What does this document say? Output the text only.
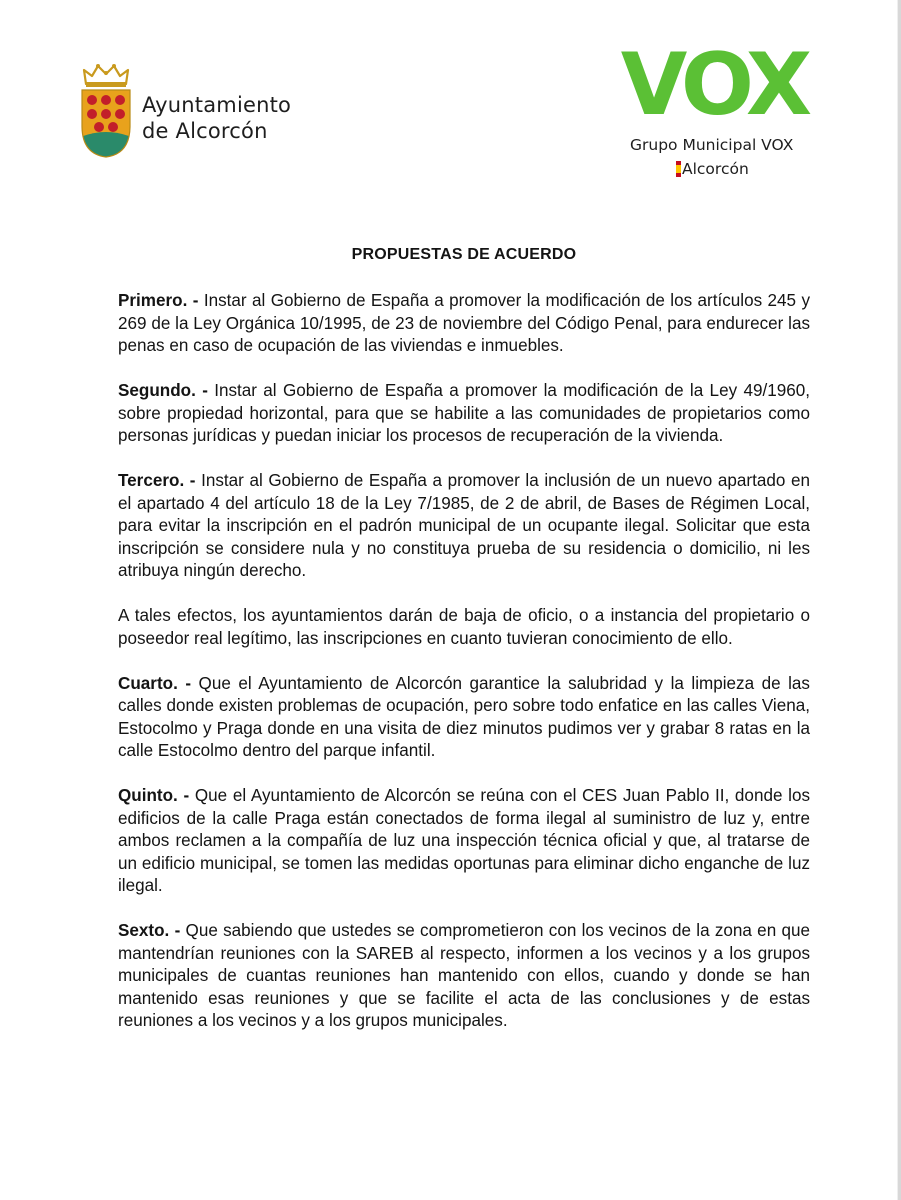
Ayuntamiento
de Alcorcón	VOX
Grupo Municipal VOX
Alcorcón
PROPUESTAS DE ACUERDO

Primero. - Instar al Gobierno de España a promover la modificación de los artículos 245 y 269 de la Ley Orgánica 10/1995, de 23 de noviembre del Código Penal, para endurecer las penas en caso de ocupación de las viviendas e inmuebles.

Segundo. - Instar al Gobierno de España a promover la modificación de la Ley 49/1960, sobre propiedad horizontal, para que se habilite a las comunidades de propietarios como personas jurídicas y puedan iniciar los procesos de recuperación de la vivienda.

Tercero. - Instar al Gobierno de España a promover la inclusión de un nuevo apartado en el apartado 4 del artículo 18 de la Ley 7/1985, de 2 de abril, de Bases de Régimen Local, para evitar la inscripción en el padrón municipal de un ocupante ilegal. Solicitar que esta inscripción se considere nula y no constituya prueba de su residencia o domicilio, ni les atribuya ningún derecho.

A tales efectos, los ayuntamientos darán de baja de oficio, o a instancia del propietario o poseedor real legítimo, las inscripciones en cuanto tuvieran conocimiento de ello.

Cuarto. - Que el Ayuntamiento de Alcorcón garantice la salubridad y la limpieza de las calles donde existen problemas de ocupación, pero sobre todo enfatice en las calles Viena, Estocolmo y Praga donde en una visita de diez minutos pudimos ver y grabar 8 ratas en la calle Estocolmo dentro del parque infantil.

Quinto. - Que el Ayuntamiento de Alcorcón se reúna con el CES Juan Pablo II, donde los edificios de la calle Praga están conectados de forma ilegal al suministro de luz y, entre ambos reclamen a la compañía de luz una inspección técnica oficial y que, al tratarse de un edificio municipal, se tomen las medidas oportunas para eliminar dicho enganche de luz ilegal.

Sexto. - Que sabiendo que ustedes se comprometieron con los vecinos de la zona en que mantendrían reuniones con la SAREB al respecto, informen a los vecinos y a los grupos municipales de cuantas reuniones han mantenido con ellos, cuando y donde se han mantenido esas reuniones y que se facilite el acta de las conclusiones y de estas reuniones a los vecinos y a los grupos municipales.
